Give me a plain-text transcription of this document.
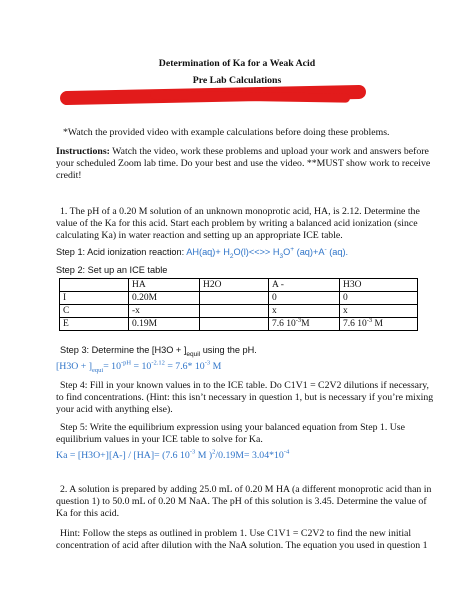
Determination of Ka for a Weak Acid
Pre Lab Calculations
*Watch the provided video with example calculations before doing these problems.
Instructions: Watch the video, work these problems and upload your work and answers before
your scheduled Zoom lab time. Do your best and use the video. **MUST show work to receive
credit!
1. The pH of a 0.20 M solution of an unknown monoprotic acid, HA, is 2.12. Determine the
value of the Ka for this acid. Start each problem by writing a balanced acid ionization (since
calculating Ka) in water reaction and setting up an appropriate ICE table.
Step 1: Acid ionization reaction: $AH(aq)+ H_2O(l)<<>> H_3O^+$ (aq)+A- (aq).
Step 2: Set up an ICE table
	HA	H2O	A -	H3O
I	0.20M		0	0
C	-x		x	x
E	0.19M		7.6 $10^{-3}M$	7.6 $10^{-3}$ M
Step 3: Determine the $[H3O + ]_{equil}$ using the pH.
$[H3O + ]_{equi}= 10^{-pH} = 10^{-2.12} = 7.6*$ $10^{-3}$ M
Step 4: Fill in your known values in to the ICE table. Do C1V1 = C2V2 dilutions if necessary,
to find concentrations. (Hint: this isn’t necessary in question 1, but is necessary if you’re mixing
your acid with anything else).
Step 5: Write the equilibrium expression using your balanced equation from Step 1. Use
equilibrium values in your ICE table to solve for Ka.
Ka = [H3O+][A-] / [HA]= (7.6 $10^{-3}$ M )$^2/0.19M= 3.04*10^{-4}$
2. A solution is prepared by adding 25.0 mL of 0.20 M HA (a different monoprotic acid than in
question 1) to 50.0 mL of 0.20 M NaA. The pH of this solution is 3.45. Determine the value of
Ka for this acid.
Hint: Follow the steps as outlined in problem 1. Use C1V1 = C2V2 to find the new initial
concentration of acid after dilution with the NaA solution. The equation you used in question 1
